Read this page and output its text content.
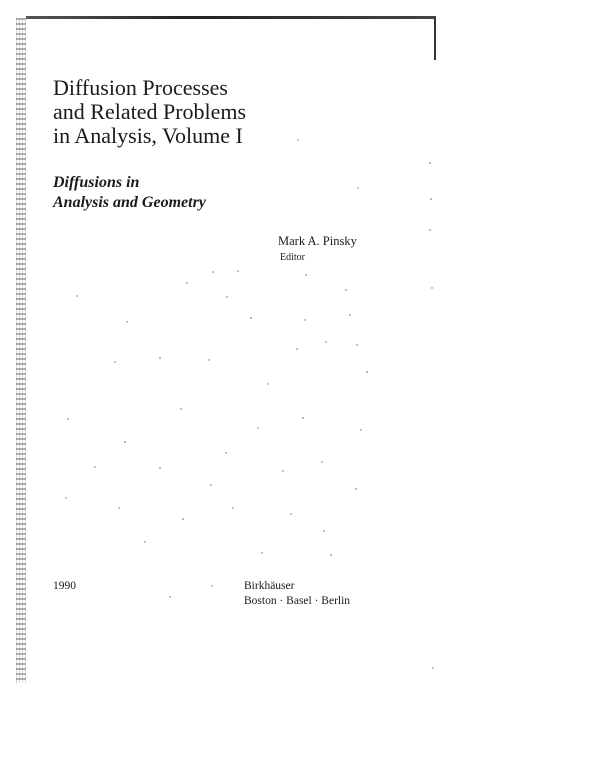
Diffusion Processes
and Related Problems
in Analysis, Volume I
Diffusions in
Analysis and Geometry
Mark A. Pinsky
Editor
1990	Birkhäuser
Boston · Basel · Berlin
